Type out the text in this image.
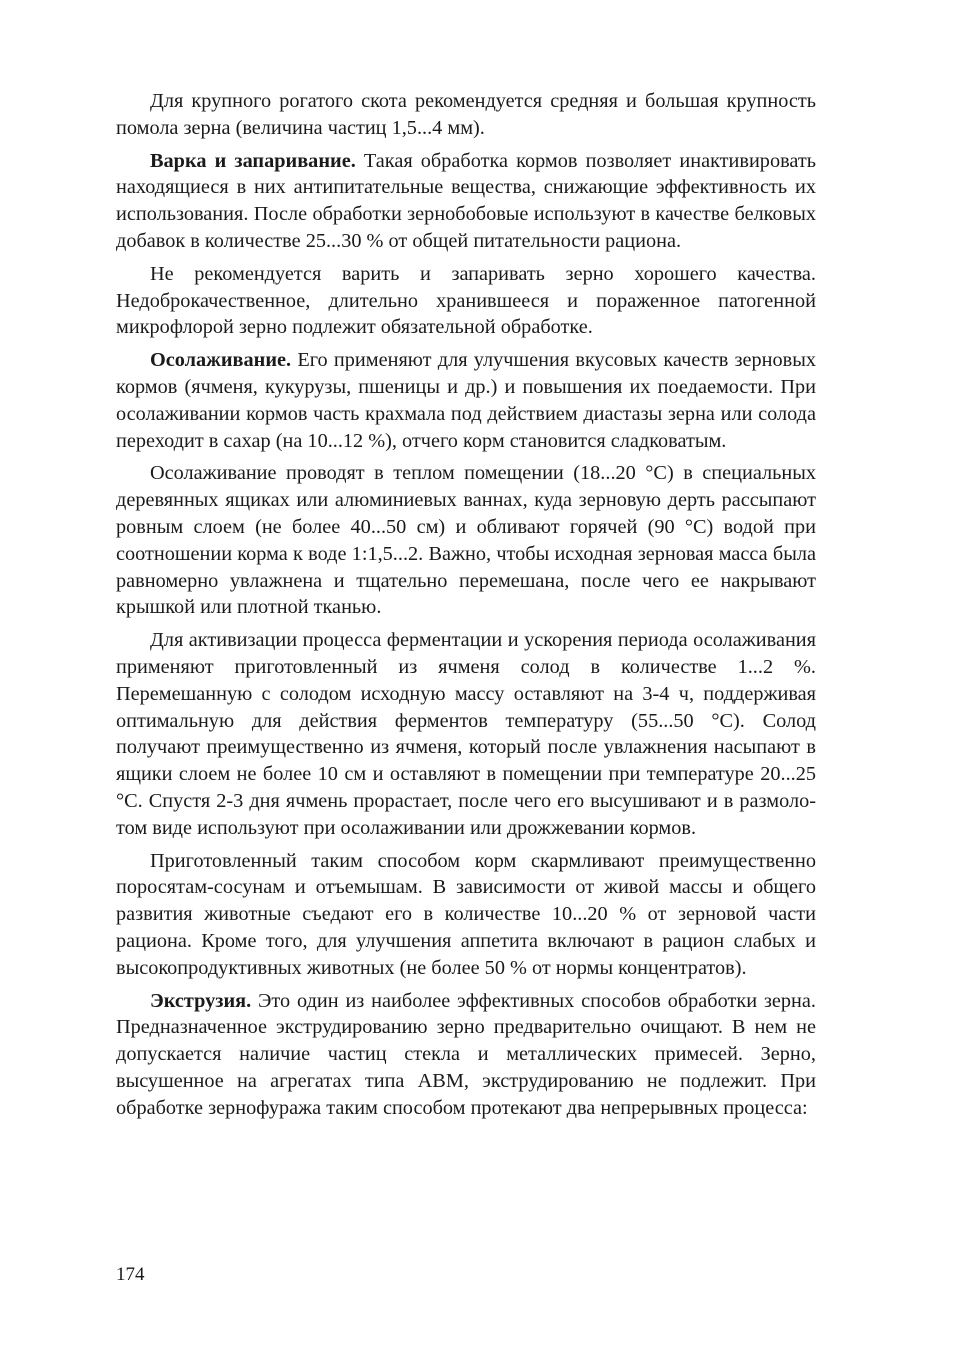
Для крупного рогатого скота рекомендуется средняя и большая крупность помола зерна (величина частиц 1,5...4 мм).

Варка и запаривание. Такая обработка кормов позволяет инактивировать находящиеся в них антипитательные вещества, снижающие эффективность их использования. После обработки зернобобовые используют в качестве белковых добавок в количестве 25...30 % от общей питательности рациона.

Не рекомендуется варить и запаривать зерно хорошего качества. Недоброкачественное, длительно хранившееся и пораженное патогенной микрофлорой зерно подлежит обязательной обработке.

Осолаживание. Его применяют для улучшения вкусовых качеств зерновых кормов (ячменя, кукурузы, пшеницы и др.) и повышения их поедаемости. При осолаживании кормов часть крахмала под действием диастазы зерна или солода переходит в сахар (на 10...12 %), отчего корм становится сладковатым.

Осолаживание проводят в теплом помещении (18...20 °С) в специальных деревянных ящиках или алюминиевых ваннах, куда зерновую дерть рассыпают ровным слоем (не более 40...50 см) и обливают горячей (90 °С) водой при соотношении корма к воде 1:1,5...2. Важно, чтобы исходная зерновая масса была равномерно увлажнена и тщательно перемешана, после чего ее накрывают крышкой или плотной тканью.

Для активизации процесса ферментации и ускорения периода осолаживания применяют приготовленный из ячменя солод в количестве 1...2 %. Перемешанную с солодом исходную массу оставляют на 3-4 ч, поддерживая оптимальную для действия ферментов температуру (55...50 °С). Солод получают преимущественно из ячменя, который после увлажнения насыпают в ящики слоем не более 10 см и оставляют в помещении при температуре 20...25 °С. Спустя 2-3 дня ячмень прорастает, после чего его высушивают и в размолотом виде используют при осолаживании или дрожжевании кормов.

Приготовленный таким способом корм скармливают преимущественно поросятам-сосунам и отъемышам. В зависимости от живой массы и общего развития животные съедают его в количестве 10...20 % от зерновой части рациона. Кроме того, для улучшения аппетита включают в рацион слабых и высокопродуктивных животных (не более 50 % от нормы концентратов).

Экструзия. Это один из наиболее эффективных способов обработки зерна. Предназначенное экструдированию зерно предварительно очищают. В нем не допускается наличие частиц стекла и металлических примесей. Зерно, высушенное на агрегатах типа АВМ, экструдированию не подлежит. При обработке зернофуража таким способом протекают два непрерывных процесса:

174
